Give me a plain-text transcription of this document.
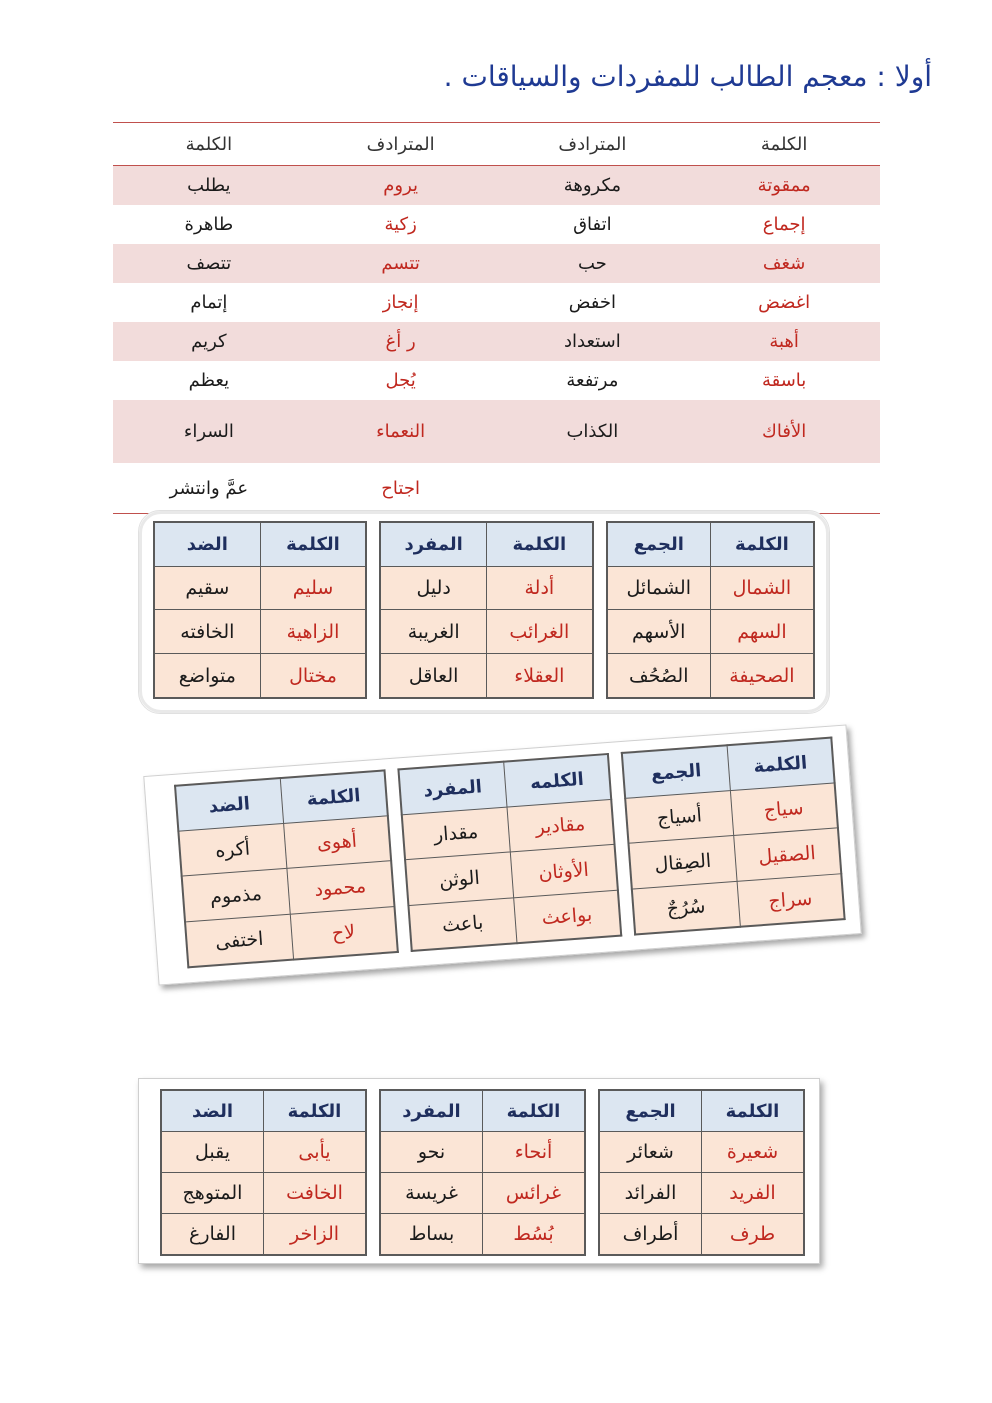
أولا : معجم الطالب للمفردات والسياقات .
الكلمة	المترادف	المترادف	الكلمة
ممقوتة	مكروهة	يروم	يطلب
إجماع	اتفاق	زكية	طاهرة
شغف	حب	تتسم	تتصف
اغضض	اخفض	إنجاز	إتمام
أهبة	استعداد	ر أغ	كريم
باسقة	مرتفعة	يُجل	يعظم
الأفاك	الكذاب	النعماء	السراء
		اجتاح	عمَّ وانتشر
الكلمة	الجمع
الشمال	الشمائل
السهم	الأسهم
الصحيفة	الصُحُف
الكلمة	المفرد
أدلة	دليل
الغرائب	الغريبة
العقلاء	العاقل
الكلمة	الضد
سليم	سقيم
الزاهية	الخافته
مختال	متواضع
الكلمة	الجمع
سياج	أسياج
الصقيل	الصِقال
سراج	سُرُجٌ
الكلمه	المفرد
مقادير	مقدار
الأوثان	الوثن
بواعث	باعث
الكلمة	الضد
أهوى	أكره
محمود	مذموم
لاح	اختفى
الكلمة	الجمع
شعيرة	شعائر
الفريد	الفرائد
طرف	أطراف
الكلمة	المفرد
أنحاء	نحو
غرائس	غريسة
بُسُط	بساط
الكلمة	الضد
يأبى	يقبل
الخافت	المتوهج
الزاخر	الفارغ
